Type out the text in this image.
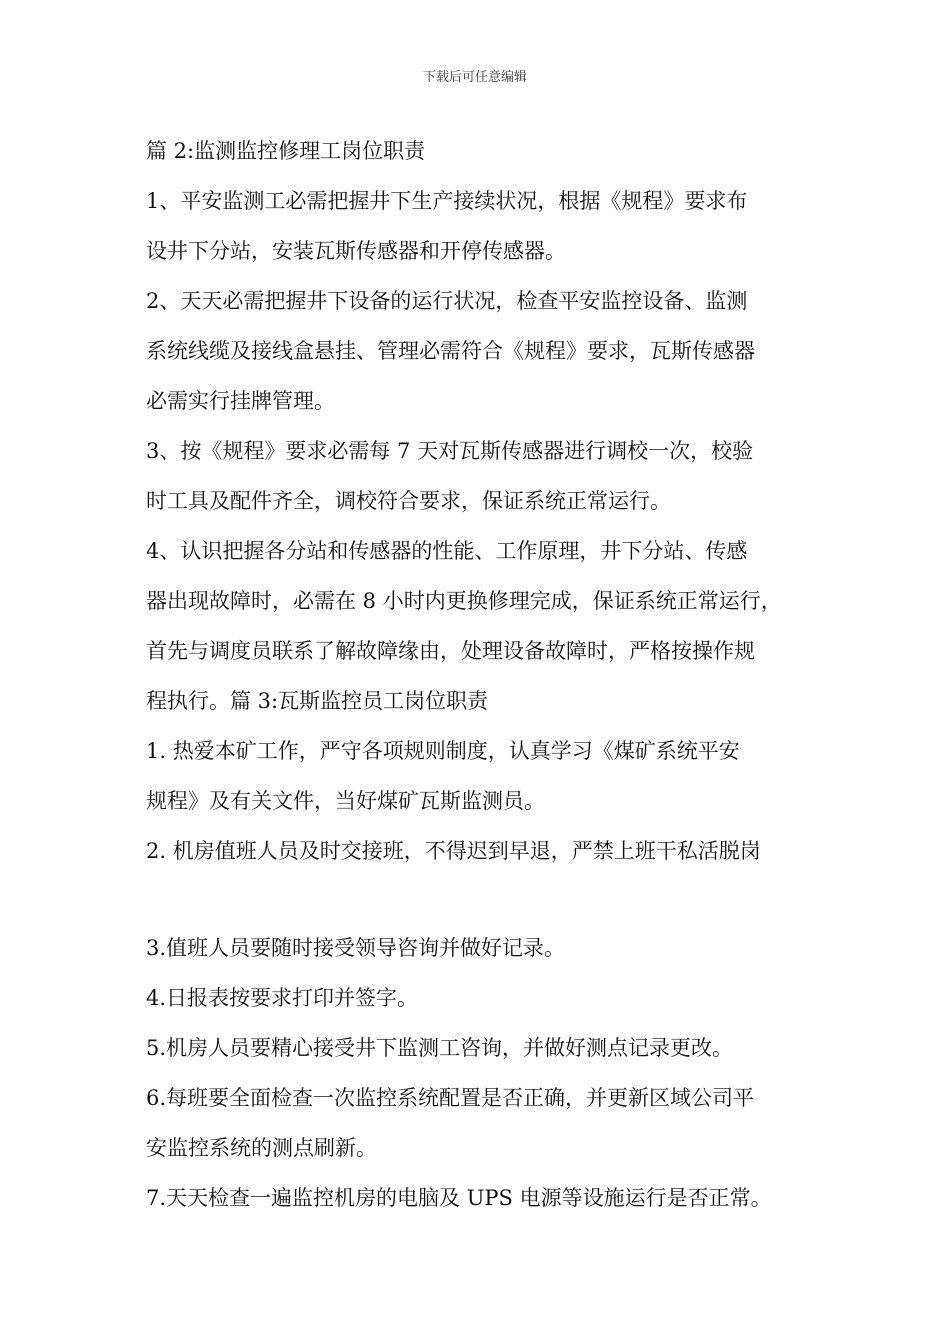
下载后可任意编辑
篇 2:监测监控修理工岗位职责
1、平安监测工必需把握井下生产接续状况，根据《规程》要求布
设井下分站，安装瓦斯传感器和开停传感器。
2、天天必需把握井下设备的运行状况，检查平安监控设备、监测
系统线缆及接线盒悬挂、管理必需符合《规程》要求，瓦斯传感器
必需实行挂牌管理。
3、按《规程》要求必需每 7 天对瓦斯传感器进行调校一次，校验
时工具及配件齐全，调校符合要求，保证系统正常运行。
4、认识把握各分站和传感器的性能、工作原理，井下分站、传感
器出现故障时，必需在 8 小时内更换修理完成，保证系统正常运行，
首先与调度员联系了解故障缘由，处理设备故障时，严格按操作规
程执行。篇 3:瓦斯监控员工岗位职责
1. 热爱本矿工作，严守各项规则制度，认真学习《煤矿系统平安
规程》及有关文件，当好煤矿瓦斯监测员。
2. 机房值班人员及时交接班，不得迟到早退，严禁上班干私活脱岗
3.值班人员要随时接受领导咨询并做好记录。
4.日报表按要求打印并签字。
5.机房人员要精心接受井下监测工咨询，并做好测点记录更改。
6.每班要全面检查一次监控系统配置是否正确，并更新区域公司平
安监控系统的测点刷新。
7.天天检查一遍监控机房的电脑及 UPS 电源等设施运行是否正常。
